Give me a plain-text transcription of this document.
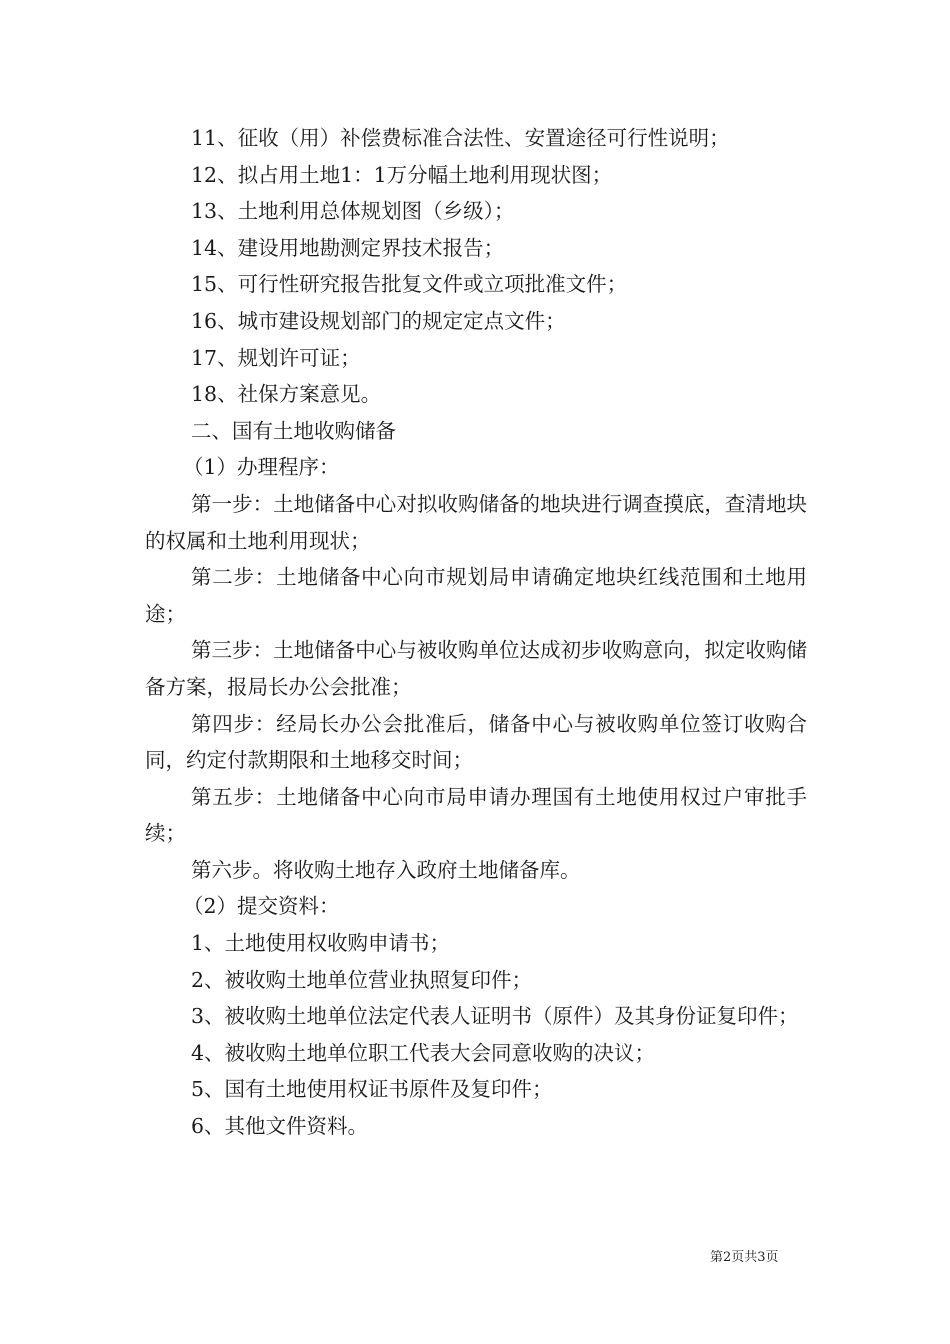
11、征收（用）补偿费标准合法性、安置途径可行性说明；

12、拟占用土地1：1万分幅土地利用现状图；

13、土地利用总体规划图（乡级）；

14、建设用地勘测定界技术报告；

15、可行性研究报告批复文件或立项批准文件；

16、城市建设规划部门的规定定点文件；

17、规划许可证；

18、社保方案意见。

二、国有土地收购储备

（1）办理程序：

第一步：土地储备中心对拟收购储备的地块进行调查摸底，查清地块的权属和土地利用现状；

第二步：土地储备中心向市规划局申请确定地块红线范围和土地用途；

第三步：土地储备中心与被收购单位达成初步收购意向，拟定收购储备方案，报局长办公会批准；

第四步：经局长办公会批准后，储备中心与被收购单位签订收购合同，约定付款期限和土地移交时间；

第五步：土地储备中心向市局申请办理国有土地使用权过户审批手续；

第六步。将收购土地存入政府土地储备库。

（2）提交资料：

1、土地使用权收购申请书；

2、被收购土地单位营业执照复印件；

3、被收购土地单位法定代表人证明书（原件）及其身份证复印件；

4、被收购土地单位职工代表大会同意收购的决议；

5、国有土地使用权证书原件及复印件；

6、其他文件资料。

第2页共3页
